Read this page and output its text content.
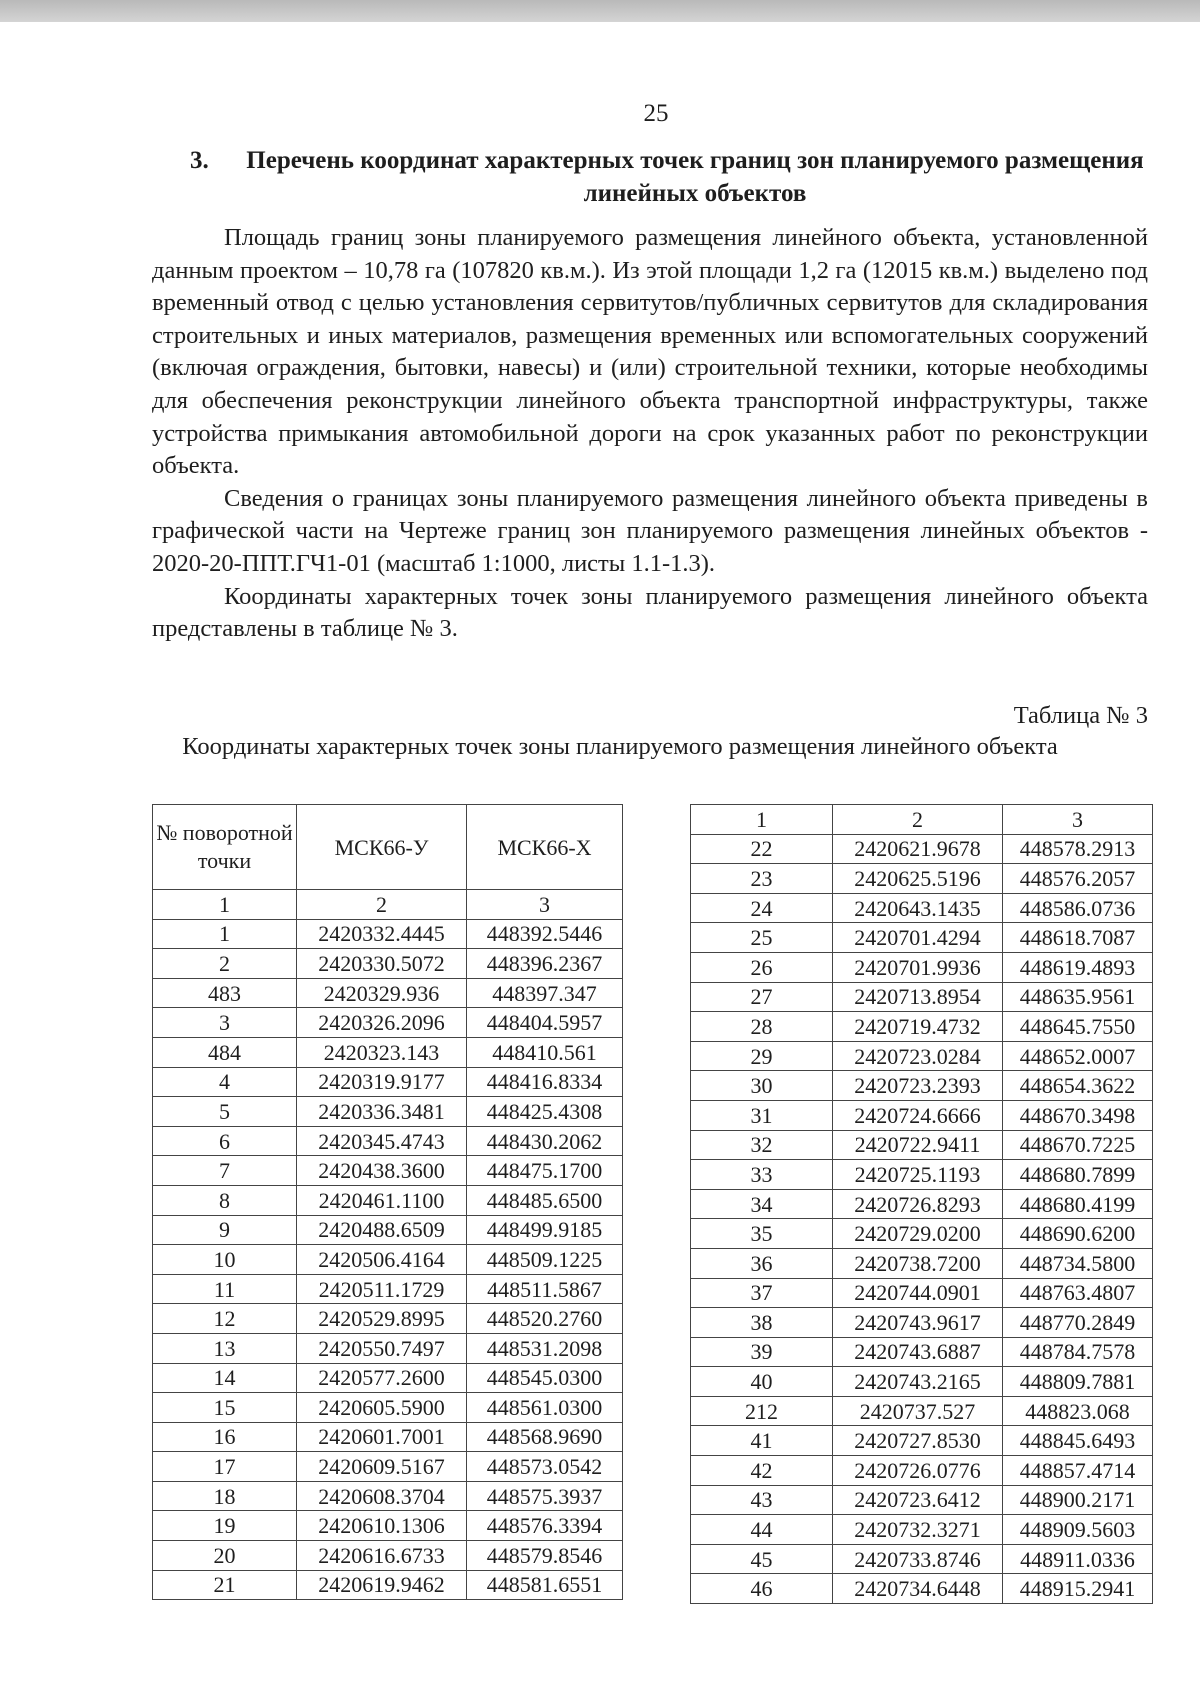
25
3.	Перечень координат характерных точек границ зон планируемого размещения линейных объектов

Площадь границ зоны планируемого размещения линейного объекта, установленной данным проектом – 10,78 га (107820 кв.м.). Из этой площади 1,2 га (12015 кв.м.) выделено под временный отвод с целью установления сервитутов/публичных сервитутов для складирования строительных и иных материалов, размещения временных или вспомогательных сооружений (включая ограждения, бытовки, навесы) и (или) строительной техники, которые необходимы для обеспечения реконструкции линейного объекта транспортной инфраструктуры, также устройства примыкания автомобильной дороги на срок указанных работ по реконструкции объекта.

Сведения о границах зоны планируемого размещения линейного объекта приведены в графической части на Чертеже границ зон планируемого размещения линейных объектов - 2020-20-ППТ.ГЧ1-01 (масштаб 1:1000, листы 1.1-1.3).

Координаты характерных точек зоны планируемого размещения линейного объекта представлены в таблице № 3.

Таблица № 3
Координаты характерных точек зоны планируемого размещения линейного объекта
№ поворотной точки	МСК66-У	МСК66-Х
1	2	3
1	2420332.4445	448392.5446
2	2420330.5072	448396.2367
483	2420329.936	448397.347
3	2420326.2096	448404.5957
484	2420323.143	448410.561
4	2420319.9177	448416.8334
5	2420336.3481	448425.4308
6	2420345.4743	448430.2062
7	2420438.3600	448475.1700
8	2420461.1100	448485.6500
9	2420488.6509	448499.9185
10	2420506.4164	448509.1225
11	2420511.1729	448511.5867
12	2420529.8995	448520.2760
13	2420550.7497	448531.2098
14	2420577.2600	448545.0300
15	2420605.5900	448561.0300
16	2420601.7001	448568.9690
17	2420609.5167	448573.0542
18	2420608.3704	448575.3937
19	2420610.1306	448576.3394
20	2420616.6733	448579.8546
21	2420619.9462	448581.6551
1	2	3
22	2420621.9678	448578.2913
23	2420625.5196	448576.2057
24	2420643.1435	448586.0736
25	2420701.4294	448618.7087
26	2420701.9936	448619.4893
27	2420713.8954	448635.9561
28	2420719.4732	448645.7550
29	2420723.0284	448652.0007
30	2420723.2393	448654.3622
31	2420724.6666	448670.3498
32	2420722.9411	448670.7225
33	2420725.1193	448680.7899
34	2420726.8293	448680.4199
35	2420729.0200	448690.6200
36	2420738.7200	448734.5800
37	2420744.0901	448763.4807
38	2420743.9617	448770.2849
39	2420743.6887	448784.7578
40	2420743.2165	448809.7881
212	2420737.527	448823.068
41	2420727.8530	448845.6493
42	2420726.0776	448857.4714
43	2420723.6412	448900.2171
44	2420732.3271	448909.5603
45	2420733.8746	448911.0336
46	2420734.6448	448915.2941
